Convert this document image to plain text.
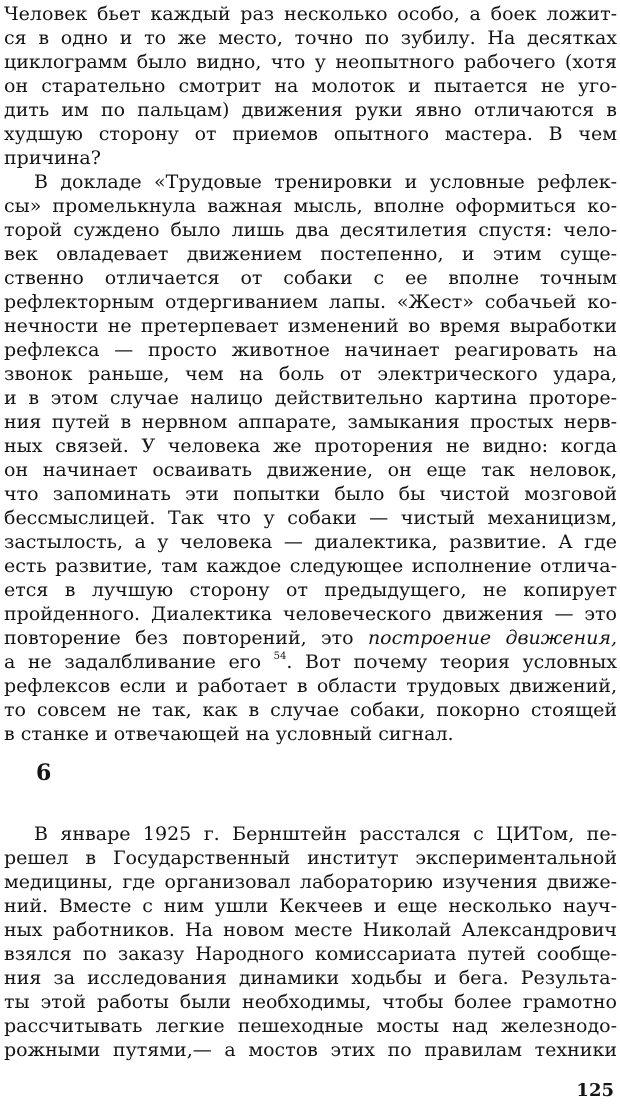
Человек бьет каждый раз несколько особо, а боек ложит-
ся в одно и то же место, точно по зубилу. На десятках
циклограмм было видно, что у неопытного рабочего (хотя
он старательно смотрит на молоток и пытается не уго-
дить им по пальцам) движения руки явно отличаются в
худшую сторону от приемов опытного мастера. В чем
причина?
В докладе «Трудовые тренировки и условные рефлек-
сы» промелькнула важная мысль, вполне оформиться ко-
торой суждено было лишь два десятилетия спустя: чело-
век овладевает движением постепенно, и этим суще-
ственно отличается от собаки с ее вполне точным
рефлекторным отдергиванием лапы. «Жест» собачьей ко-
нечности не претерпевает изменений во время выработки
рефлекса — просто животное начинает реагировать на
звонок раньше, чем на боль от электрического удара,
и в этом случае налицо действительно картина проторе-
ния путей в нервном аппарате, замыкания простых нерв-
ных связей. У человека же проторения не видно: когда
он начинает осваивать движение, он еще так неловок,
что запоминать эти попытки было бы чистой мозговой
бессмыслицей. Так что у собаки — чистый механицизм,
застылость, а у человека — диалектика, развитие. А где
есть развитие, там каждое следующее исполнение отлича-
ется в лучшую сторону от предыдущего, не копирует
пройденного. Диалектика человеческого движения — это
повторение без повторений, это построение движения,
а не задалбливание его $^{54}$. Вот почему теория условных
рефлексов если и работает в области трудовых движений,
то совсем не так, как в случае собаки, покорно стоящей
в станке и отвечающей на условный сигнал.
6
В январе 1925 г. Бернштейн расстался с ЦИТом, пе-
решел в Государственный институт экспериментальной
медицины, где организовал лабораторию изучения движе-
ний. Вместе с ним ушли Кекчеев и еще несколько науч-
ных работников. На новом месте Николай Александрович
взялся по заказу Народного комиссариата путей сообще-
ния за исследования динамики ходьбы и бега. Результа-
ты этой работы были необходимы, чтобы более грамотно
рассчитывать легкие пешеходные мосты над железнодо-
рожными путями,— а мостов этих по правилам техники
125
